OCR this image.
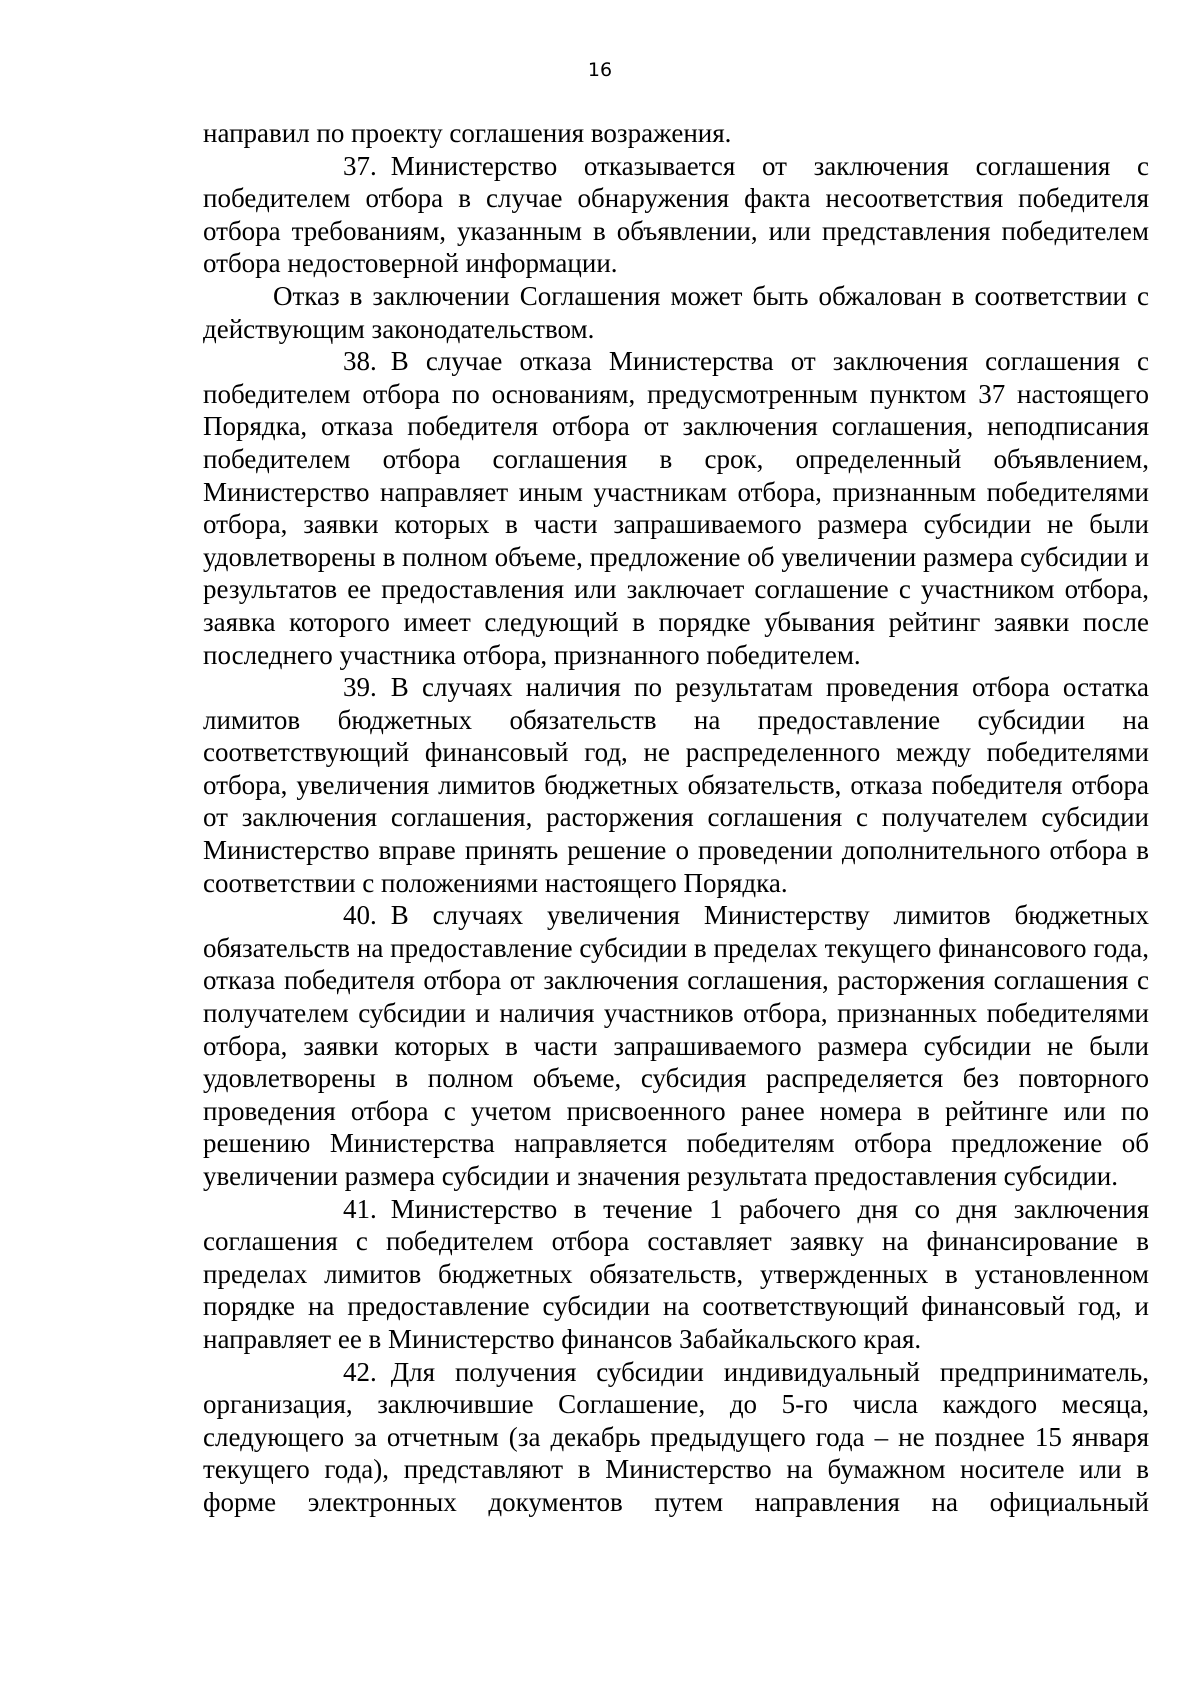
16

направил по проекту соглашения возражения.

37. Министерство отказывается от заключения соглашения с победителем отбора в случае обнаружения факта несоответствия победителя отбора требованиям, указанным в объявлении, или представления победителем отбора недостоверной информации.

Отказ в заключении Соглашения может быть обжалован в соответствии с действующим законодательством.

38. В случае отказа Министерства от заключения соглашения с победителем отбора по основаниям, предусмотренным пунктом 37 настоящего Порядка, отказа победителя отбора от заключения соглашения, неподписания победителем отбора соглашения в срок, определенный объявлением, Министерство направляет иным участникам отбора, признанным победителями отбора, заявки которых в части запрашиваемого размера субсидии не были удовлетворены в полном объеме, предложение об увеличении размера субсидии и результатов ее предоставления или заключает соглашение с участником отбора, заявка которого имеет следующий в порядке убывания рейтинг заявки после последнего участника отбора, признанного победителем.

39. В случаях наличия по результатам проведения отбора остатка лимитов бюджетных обязательств на предоставление субсидии на соответствующий финансовый год, не распределенного между победителями отбора, увеличения лимитов бюджетных обязательств, отказа победителя отбора от заключения соглашения, расторжения соглашения с получателем субсидии Министерство вправе принять решение о проведении дополнительного отбора в соответствии с положениями настоящего Порядка.

40. В случаях увеличения Министерству лимитов бюджетных обязательств на предоставление субсидии в пределах текущего финансового года, отказа победителя отбора от заключения соглашения, расторжения соглашения с получателем субсидии и наличия участников отбора, признанных победителями отбора, заявки которых в части запрашиваемого размера субсидии не были удовлетворены в полном объеме, субсидия распределяется без повторного проведения отбора с учетом присвоенного ранее номера в рейтинге или по решению Министерства направляется победителям отбора предложение об увеличении размера субсидии и значения результата предоставления субсидии.

41. Министерство в течение 1 рабочего дня со дня заключения соглашения с победителем отбора составляет заявку на финансирование в пределах лимитов бюджетных обязательств, утвержденных в установленном порядке на предоставление субсидии на соответствующий финансовый год, и направляет ее в Министерство финансов Забайкальского края.

42. Для получения субсидии индивидуальный предприниматель, организация, заключившие Соглашение, до 5-го числа каждого месяца, следующего за отчетным (за декабрь предыдущего года – не позднее 15 января текущего года), представляют в Министерство на бумажном носителе или в форме электронных документов путем направления на официальный
